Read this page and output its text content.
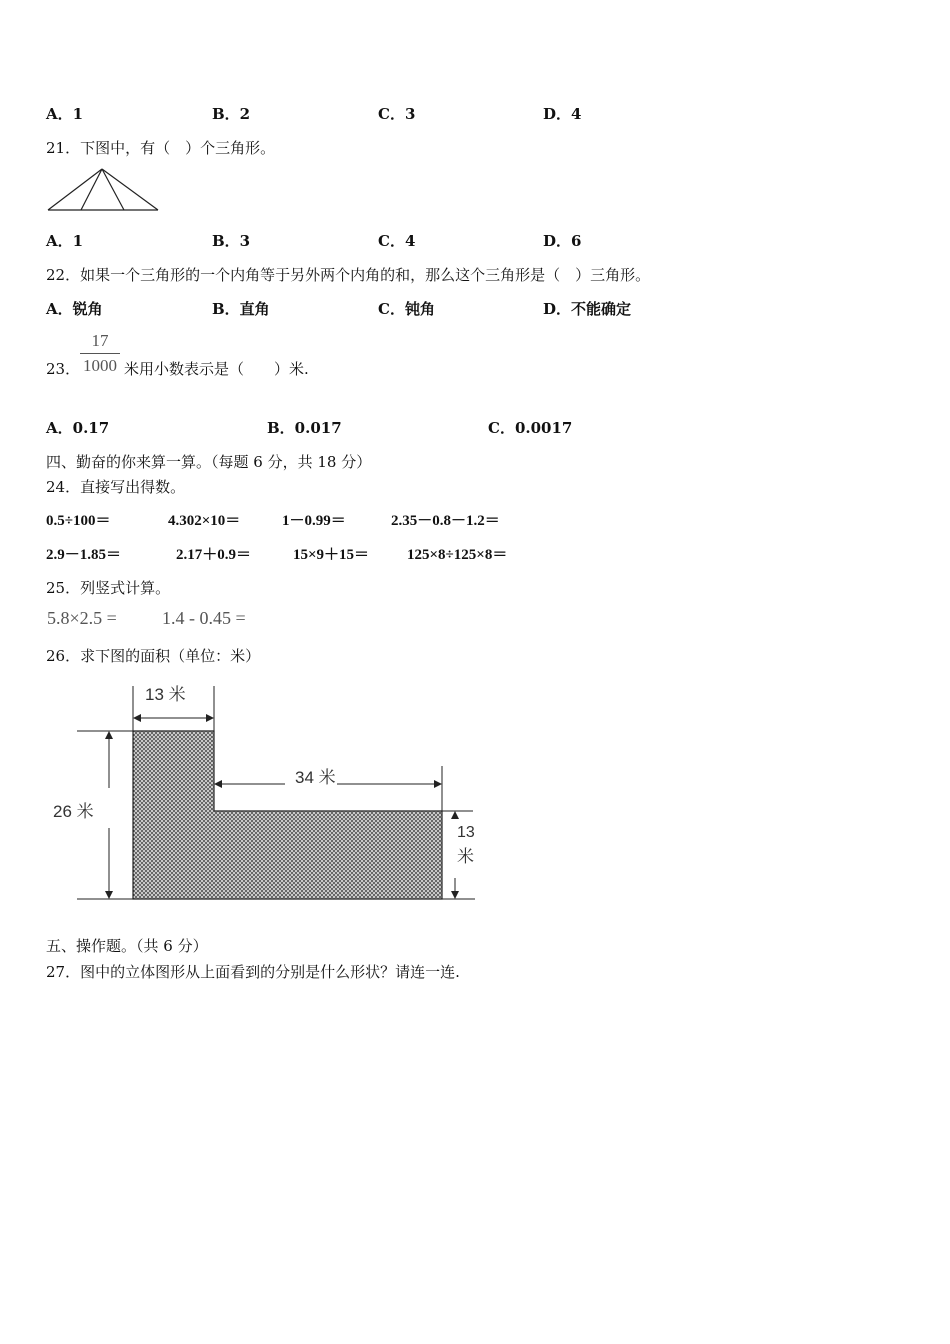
A．1	B．2	C．3	D．4
21．下图中，有（　）个三角形。
A．1	B．3	C．4	D．6
22．如果一个三角形的一个内角等于另外两个内角的和，那么这个三角形是（　）三角形。
A．锐角	B．直角	C．钝角	D．不能确定
23．
17
1000 米用小数表示是（　　）米.
A．0.17	B．0.017	C．0.0017
四、勤奋的你来算一算。（每题 6 分，共 18 分）
24．直接写出得数。
0.5÷100＝	4.302×10＝	1－0.99＝	2.35－0.8－1.2＝
2.9－1.85＝	2.17＋0.9＝	15×9＋15＝	125×8÷125×8＝
25．列竖式计算。
5.8×2.5 =	1.4 - 0.45 =
26．求下图的面积（单位：米）
13 米
34 米
26 米
13
米
五、操作题。（共 6 分）
27．图中的立体图形从上面看到的分别是什么形状？请连一连.
